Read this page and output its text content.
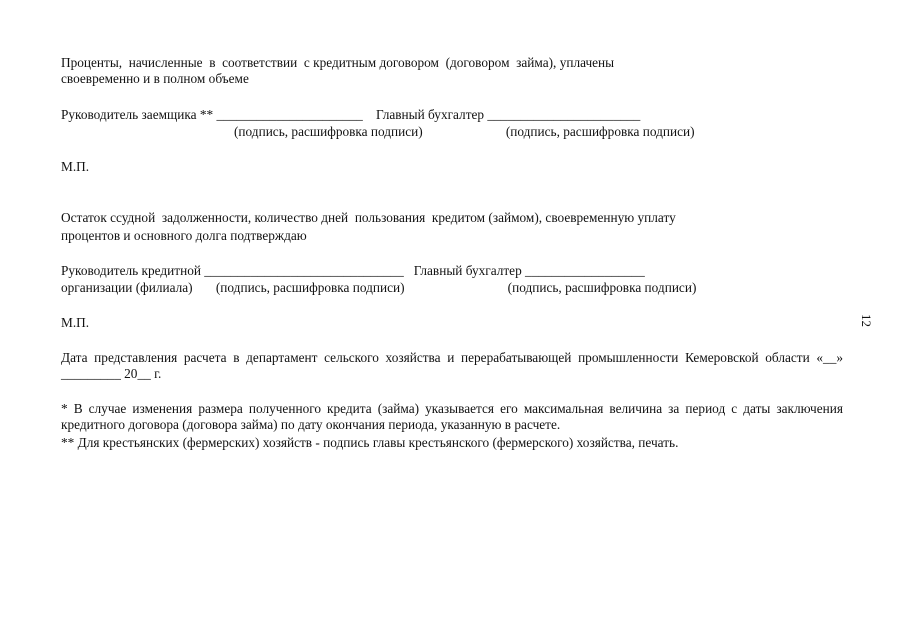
Проценты,  начисленные  в  соответствии  с кредитным договором  (договором  займа), уплачены
своевременно и в полном объеме
Руководитель заемщика ** ______________________    Главный бухгалтер _______________________
(подпись, расшифровка подписи)                         (подпись, расшифровка подписи)
М.П.
Остаток ссудной  задолженности, количество дней  пользования  кредитом (займом), своевременную уплату
процентов и основного долга подтверждаю
Руководитель кредитной ______________________________   Главный бухгалтер __________________
организации (филиала)       (подпись, расшифровка подписи)                               (подпись, расшифровка подписи)
М.П.
Дата представления расчета в департамент сельского хозяйства и перерабатывающей промышленности Кемеровской области «__» _________ 20__ г.
* В случае изменения размера полученного кредита (займа) указывается его максимальная величина за период с даты заключения кредитного договора (договора займа) по дату окончания периода, указанную в расчете.
** Для крестьянских (фермерских) хозяйств - подпись главы крестьянского (фермерского) хозяйства, печать.
12
